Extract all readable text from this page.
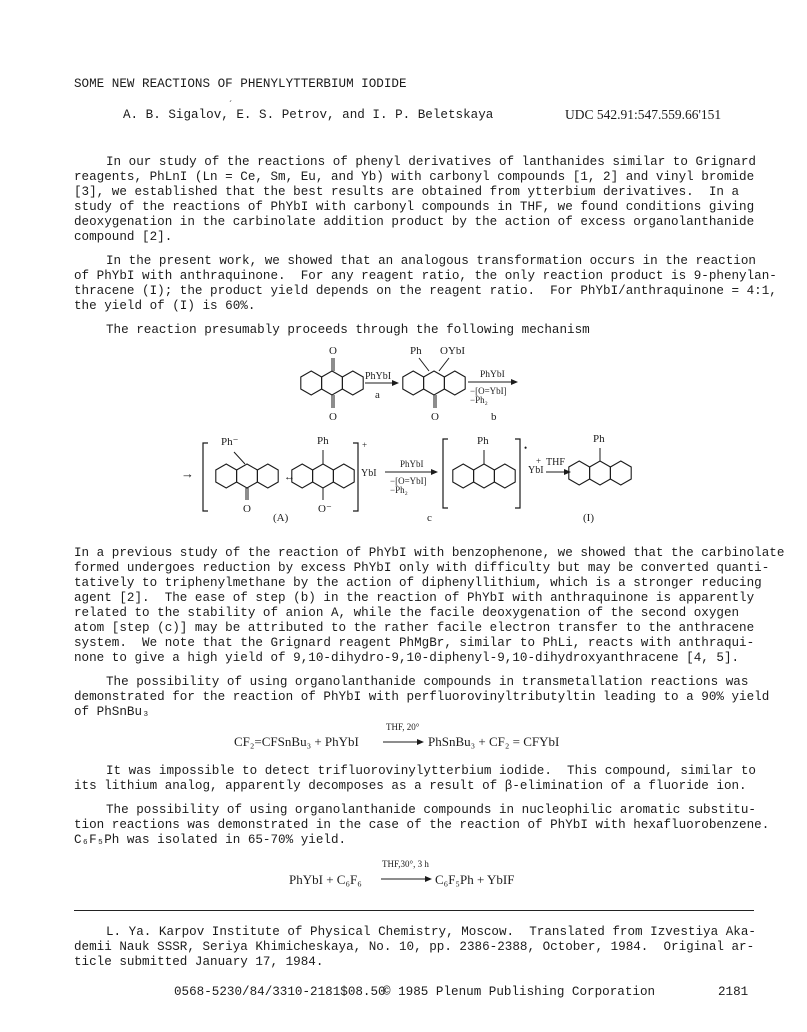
SOME NEW REACTIONS OF PHENYLYTTERBIUM IODIDE
A. B. Sigalov, E. S. Petrov, and I. P. Beletskaya
´
UDC 542.91:547.559.66'151
In our study of the reactions of phenyl derivatives of lanthanides similar to Grignard
reagents, PhLnI (Ln = Ce, Sm, Eu, and Yb) with carbonyl compounds [1, 2] and vinyl bromide
[3], we established that the best results are obtained from ytterbium derivatives.  In a
study of the reactions of PhYbI with carbonyl compounds in THF, we found conditions giving
deoxygenation in the carbinolate addition product by the action of excess organolanthanide
compound [2].
In the present work, we showed that an analogous transformation occurs in the reaction
of PhYbI with anthraquinone.  For any reagent ratio, the only reaction product is 9-phenylan-
thracene (I); the product yield depends on the reagent ratio.  For PhYbI/anthraquinone = 4:1,
the yield of (I) is 60%.
The reaction presumably proceeds through the following mechanism
O
O
PhYbI
a
Ph OYbI
O
PhYbI
−[O=YbI]
−Ph₂
b
→
Ph⁻
O
↔
Ph
O⁻
+
YbI
PhYbI
−[O=YbI]
−Ph₂
c
(A)
Ph
•
YbI
+ THF
Ph
(I)
In a previous study of the reaction of PhYbI with benzophenone, we showed that the carbinolate
formed undergoes reduction by excess PhYbI only with difficulty but may be converted quanti-
tatively to triphenylmethane by the action of diphenyllithium, which is a stronger reducing
agent [2].  The ease of step (b) in the reaction of PhYbI with anthraquinone is apparently
related to the stability of anion A, while the facile deoxygenation of the second oxygen
atom [step (c)] may be attributed to the rather facile electron transfer to the anthracene
system.  We note that the Grignard reagent PhMgBr, similar to PhLi, reacts with anthraqui-
none to give a high yield of 9,10-dihydro-9,10-diphenyl-9,10-dihydroxyanthracene [4, 5].
The possibility of using organolanthanide compounds in transmetallation reactions was
demonstrated for the reaction of PhYbI with perfluorovinyltributyltin leading to a 90% yield
of PhSnBu₃
CF₂=CFSnBu₃ + PhYbI
THF, 20°
PhSnBu₃ + CF₂ = CFYbI
It was impossible to detect trifluorovinylytterbium iodide.  This compound, similar to
its lithium analog, apparently decomposes as a result of β-elimination of a fluoride ion.
The possibility of using organolanthanide compounds in nucleophilic aromatic substitu-
tion reactions was demonstrated in the case of the reaction of PhYbI with hexafluorobenzene.
C₆F₅Ph was isolated in 65-70% yield.
PhYbI + C₆F₆
THF,30°, 3 h
C₆F₅Ph + YbIF
L. Ya. Karpov Institute of Physical Chemistry, Moscow.  Translated from Izvestiya Aka-
demii Nauk SSSR, Seriya Khimicheskaya, No. 10, pp. 2386-2388, October, 1984.  Original ar-
ticle submitted January 17, 1984.
0568-5230/84/3310-2181$08.50
© 1985 Plenum Publishing Corporation	2181
